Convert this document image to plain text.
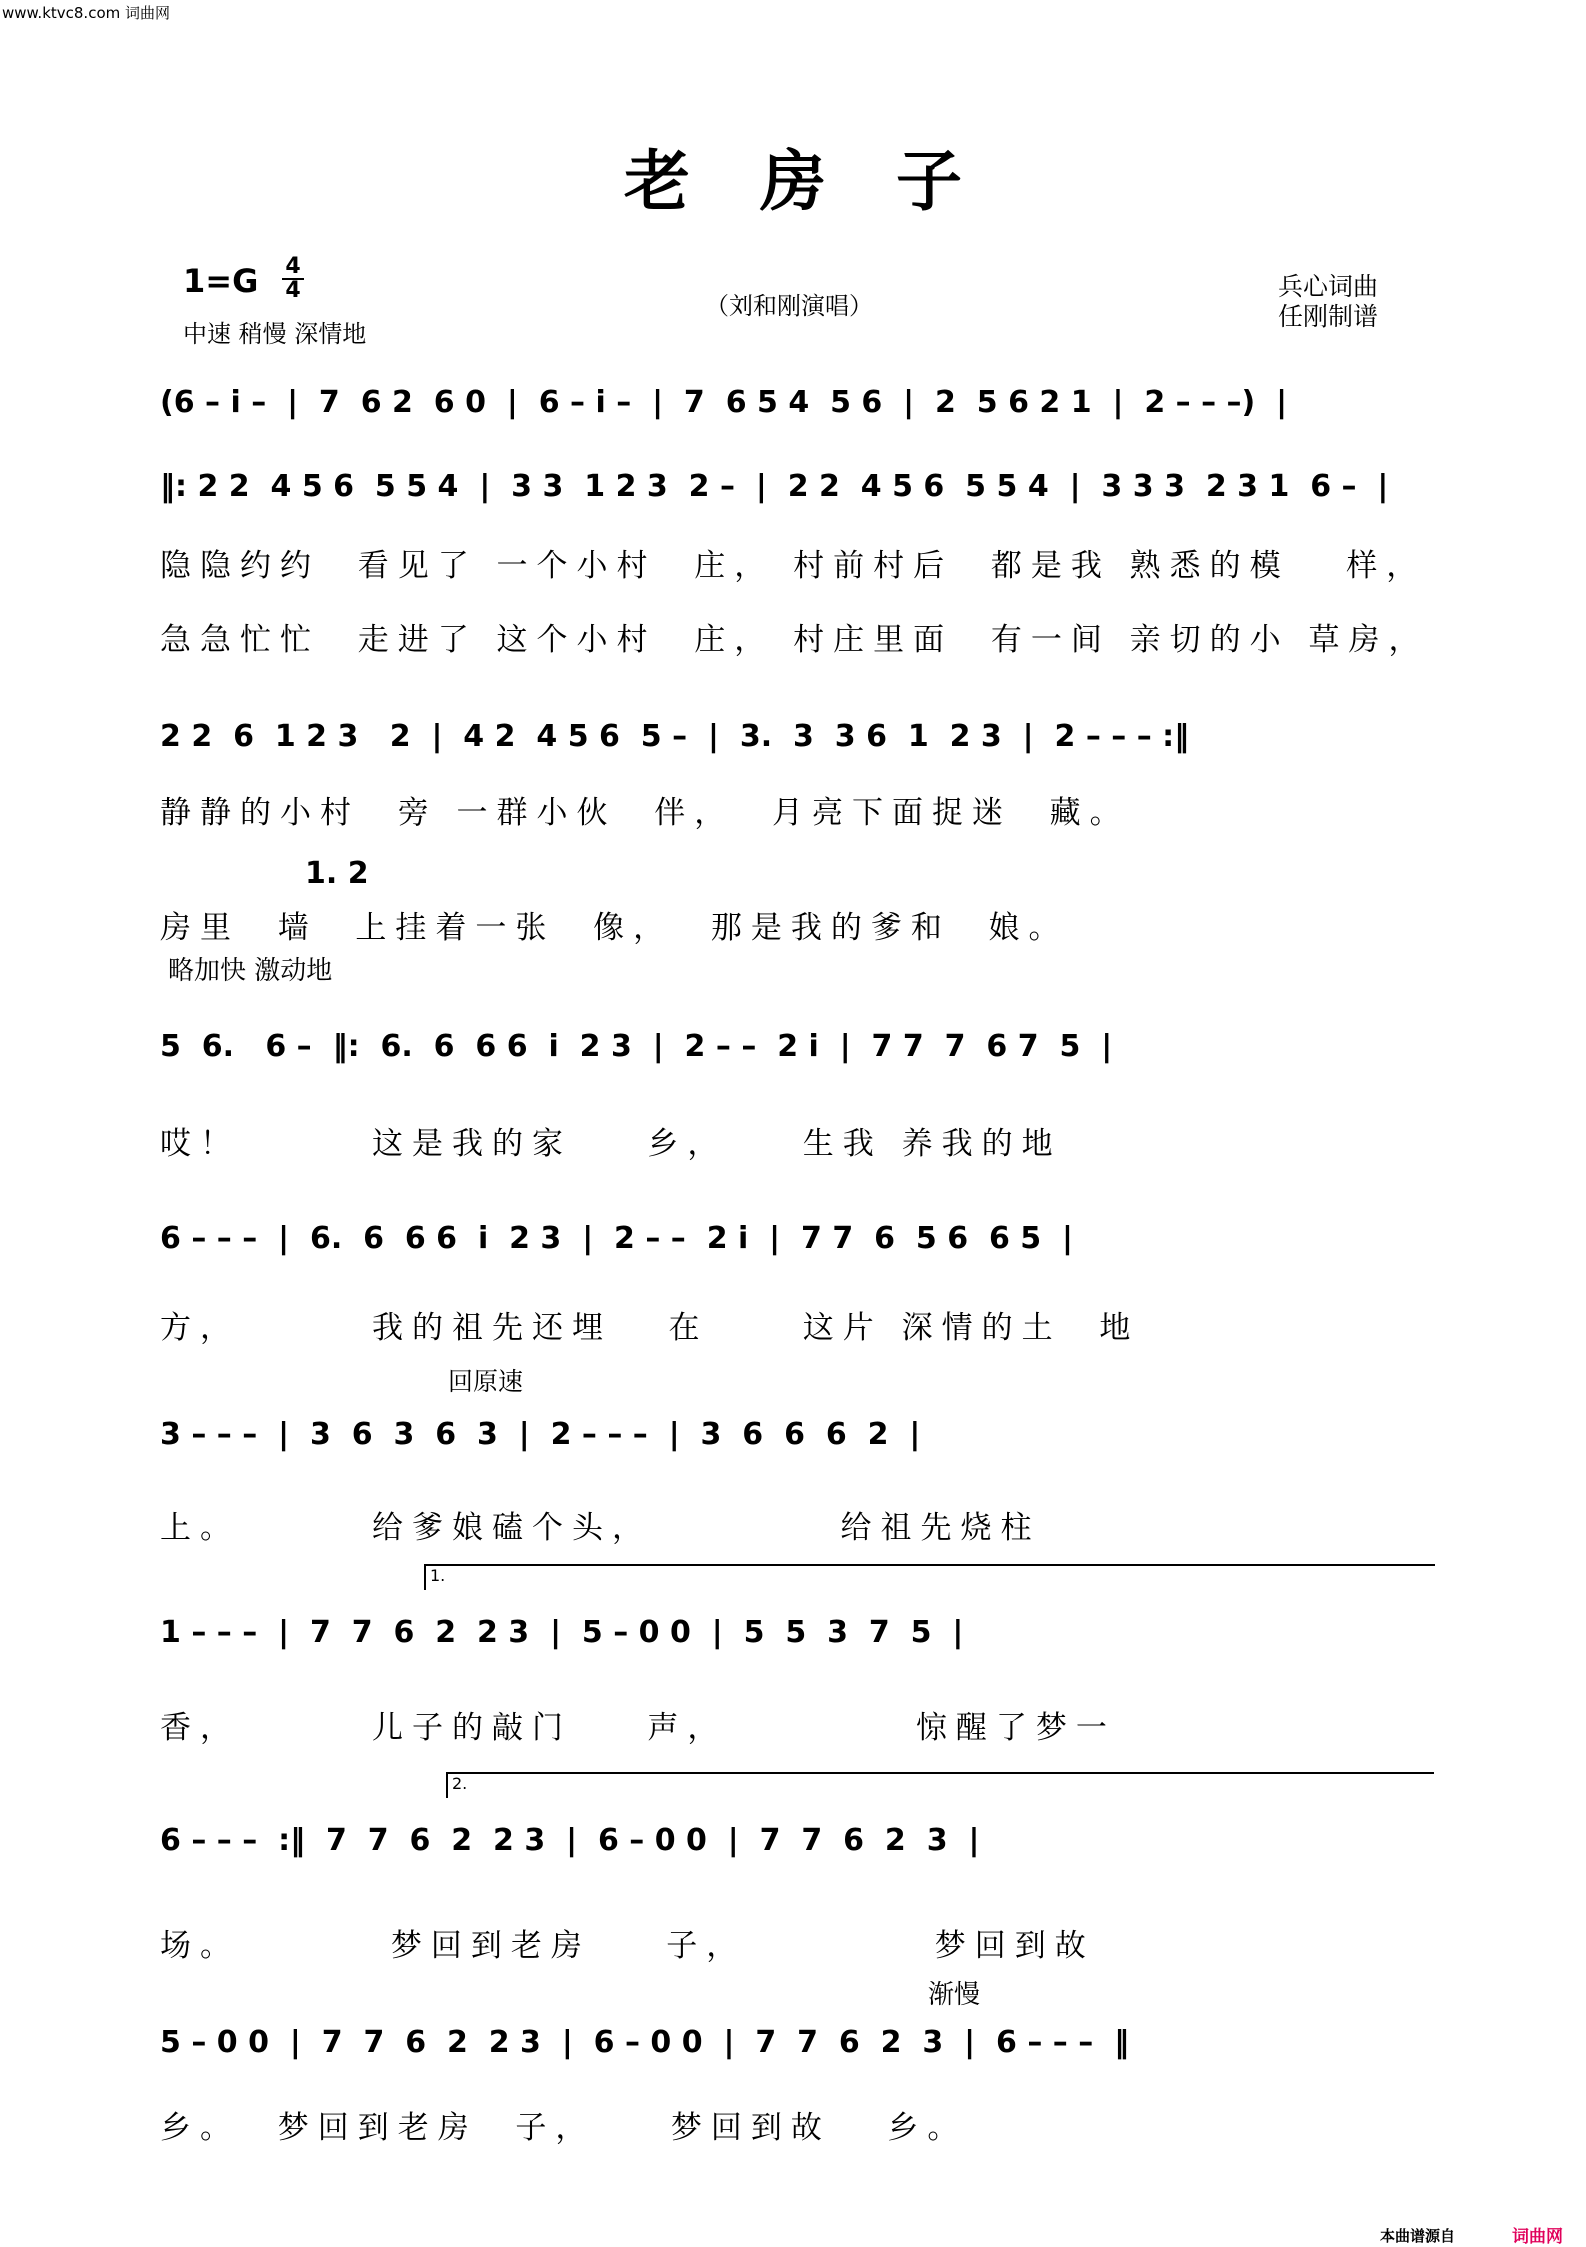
www.ktvc8.com 词曲网
老房子
1=G 4
4
中速 稍慢 深情地
（刘和刚演唱）
兵心词曲
任刚制谱
(6 – i –  |  7  6 2  6 0  |  6 – i –  |  7  6 5 4  5 6  |  2  5 6 2 1  |  2 – – –)  |
‖: 2 2  4 5 6  5 5 4  |  3 3  1 2 3  2 –  |  2 2  4 5 6  5 5 4  |  3 3 3  2 3 1  6 –  |
隐隐约约  看见了 一个小村  庄， 村前村后  都是我 熟悉的模   样，
急急忙忙  走进了 这个小村  庄， 村庄里面  有一间 亲切的小 草房，
2 2  6  1 2 3   2  |  4 2  4 5 6  5 –  |  3.  3  3 6  1  2 3  |  2 – – – :‖
静静的小村  旁 一群小伙  伴，  月亮下面捉迷  藏。
1. 2
房里  墙  上挂着一张  像，  那是我的爹和  娘。
略加快 激动地
5  6.   6 –  ‖:  6.  6  6 6  i  2 3  |  2 – –  2 i  |  7 7  7  6 7  5  |
哎！       这是我的家    乡，    生我 养我的地
6 – – –  |  6.  6  6 6  i  2 3  |  2 – –  2 i  |  7 7  6  5 6  6 5  |
方，       我的祖先还埋   在     这片 深情的土  地
回原速
3 – – –  |  3  6  3  6  3  |  2 – – –  |  3  6  6  6  2  |
上。       给爹娘磕个头，          给祖先烧柱
1.
1 – – –  |  7  7  6  2  2 3  |  5 – 0 0  |  5  5  3  7  5  |
香，       儿子的敲门    声，          惊醒了梦一
2.
6 – – –  :‖  7  7  6  2  2 3  |  6 – 0 0  |  7  7  6  2  3  |
场。        梦回到老房    子，          梦回到故
渐慢
5 – 0 0  |  7  7  6  2  2 3  |  6 – 0 0  |  7  7  6  2  3  |  6 – – –  ‖
乡。  梦回到老房  子，    梦回到故   乡。
本曲谱源自	词曲网
